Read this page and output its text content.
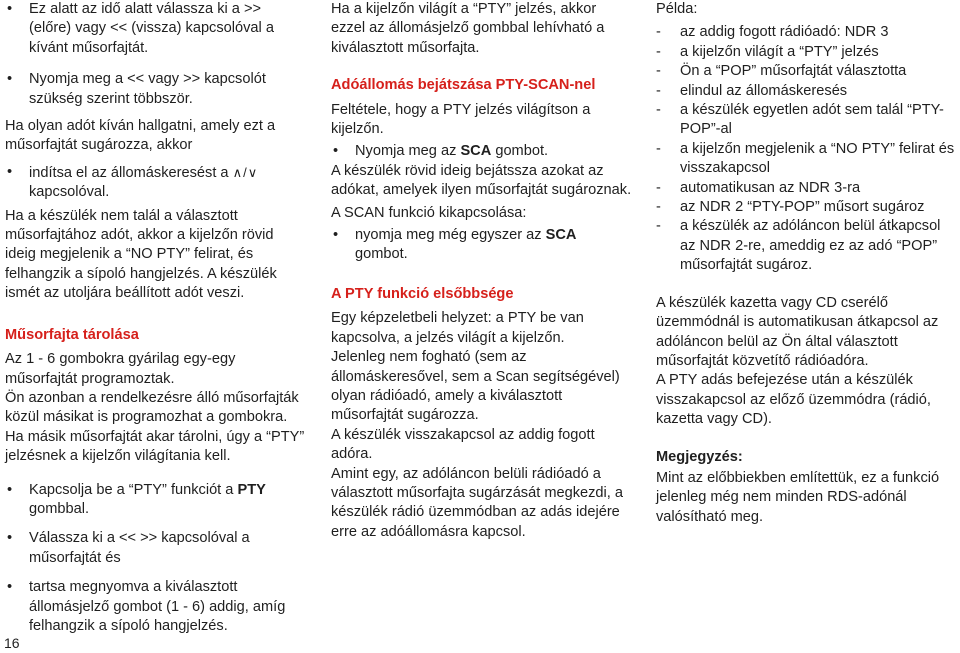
• Ez alatt az idő alatt válassza ki a >> (előre) vagy << (vissza) kapcsolóval a kívánt műsorfajtát.
• Nyomja meg a << vagy >> kapcsolót szükség szerint többször.

Ha olyan adót kíván hallgatni, amely ezt a műsorfajtát sugározza, akkor

• indítsa el az állomáskeresést a ∧/∨ kapcsolóval.

Ha a készülék nem talál a választott műsorfajtához adót, akkor a kijelzőn rövid ideig megjelenik a “NO PTY” felirat, és felhangzik a sípoló hangjelzés. A készülék ismét az utoljára beállított adót veszi.

Műsorfajta tárolása

Az 1 - 6 gombokra gyárilag egy-egy műsorfajtát programoztak.

Ön azonban a rendelkezésre álló műsorfajták közül másikat is programozhat a gombokra.

Ha másik műsorfajtát akar tárolni, úgy a “PTY” jelzésnek a kijelzőn világítania kell.

• Kapcsolja be a “PTY” funkciót a PTY gombbal.
• Válassza ki a << >> kapcsolóval a műsorfajtát és
• tartsa megnyomva a kiválasztott állomásjelző gombot (1 - 6) addig, amíg felhangzik a sípoló hangjelzés.
16

Ha a kijelzőn világít a “PTY” jelzés, akkor ezzel az állomásjelző gombbal lehívható a kiválasztott műsorfajta.

Adóállomás bejátszása PTY-SCAN-nel

Feltétele, hogy a PTY jelzés világítson a kijelzőn.

• Nyomja meg az SCA gombot.

A készülék rövid ideig bejátssza azokat az adókat, amelyek ilyen műsorfajtát sugároznak.

A SCAN funkció kikapcsolása:

• nyomja meg még egyszer az SCA
gombot.
A PTY funkció elsőbbsége

Egy képzeletbeli helyzet: a PTY be van kapcsolva, a jelzés világít a kijelzőn.

Jelenleg nem fogható (sem az állomáskeresővel, sem a Scan segítségével) olyan rádióadó, amely a kiválasztott műsorfajtát sugározza.

A készülék visszakapcsol az addig fogott adóra.

Amint egy, az adóláncon belüli rádióadó a választott műsorfajta sugárzását megkezdi, a készülék rádió üzemmódban az adás idejére erre az adóállomásra kapcsol.

Példa:

- az addig fogott rádióadó: NDR 3
- a kijelzőn világít a “PTY” jelzés
- Ön a “POP” műsorfajtát választotta
- elindul az állomáskeresés
- a készülék egyetlen adót sem talál “PTY-POP”-al
- a kijelzőn megjelenik a “NO PTY” felirat és visszakapcsol
- automatikusan az NDR 3-ra
- az NDR 2 “PTY-POP” műsort sugároz
- a készülék az adóláncon belül átkapcsol az NDR 2-re, ameddig ez az adó “POP” műsorfajtát sugároz.

A készülék kazetta vagy CD cserélő üzemmódnál is automatikusan átkapcsol az adóláncon belül az Ön által választott műsorfajtát közvetítő rádióadóra.

A PTY adás befejezése után a készülék visszakapcsol az előző üzemmódra (rádió, kazetta vagy CD).

Megjegyzés:

Mint az előbbiekben említettük, ez a funkció jelenleg még nem minden RDS-adónál valósítható meg.
